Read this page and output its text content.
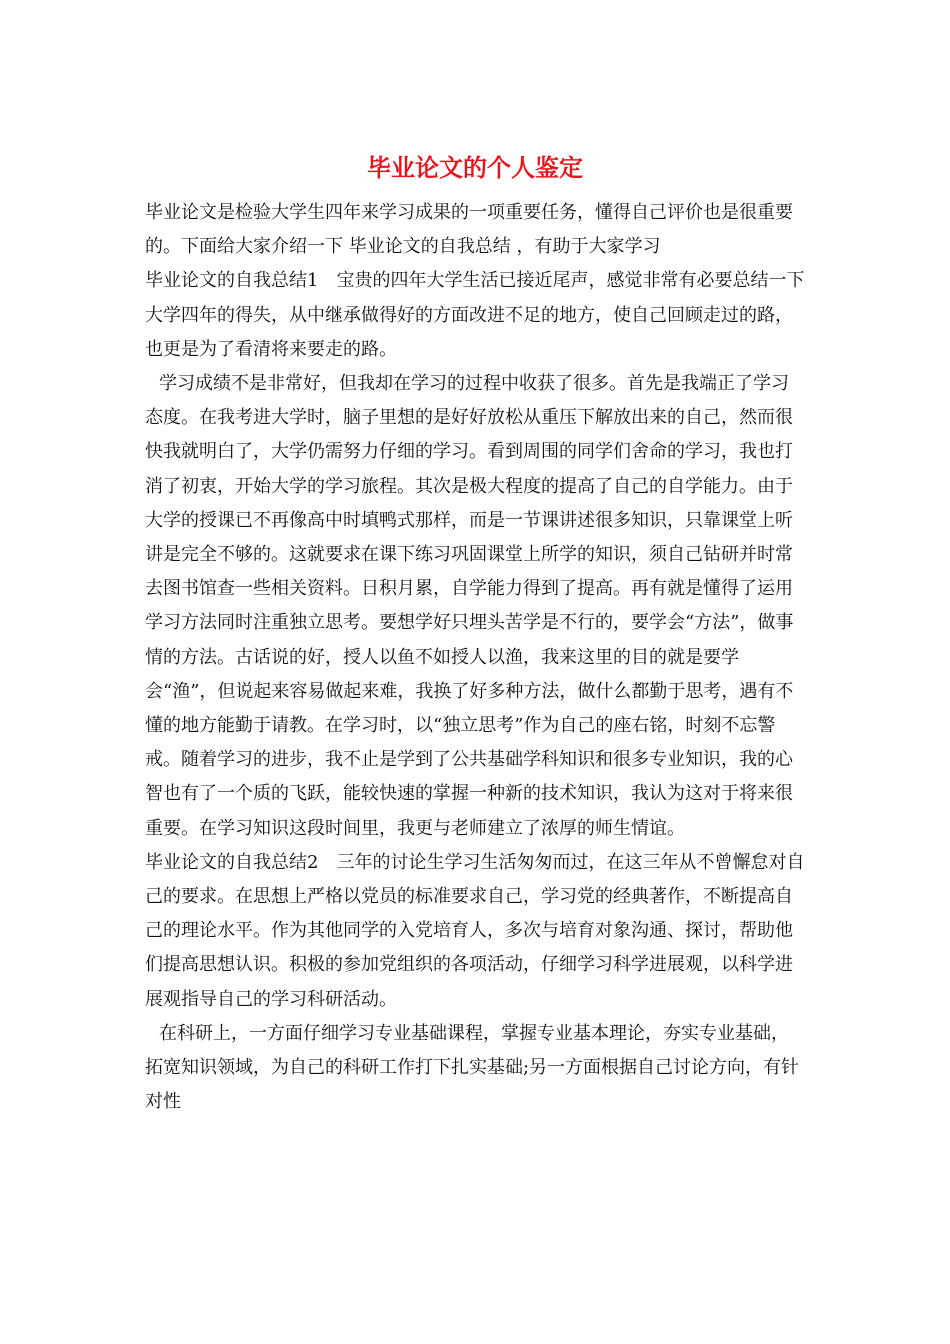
毕业论文的个人鉴定

毕业论文是检验大学生四年来学习成果的一项重要任务，懂得自己评价也是很重要的。下面给大家介绍一下 毕业论文的自我总结 ，有助于大家学习

毕业论文的自我总结1　宝贵的四年大学生活已接近尾声，感觉非常有必要总结一下大学四年的得失，从中继承做得好的方面改进不足的地方，使自己回顾走过的路，也更是为了看清将来要走的路。

学习成绩不是非常好，但我却在学习的过程中收获了很多。首先是我端正了学习态度。在我考进大学时，脑子里想的是好好放松从重压下解放出来的自己，然而很快我就明白了，大学仍需努力仔细的学习。看到周围的同学们舍命的学习，我也打消了初衷，开始大学的学习旅程。其次是极大程度的提高了自己的自学能力。由于大学的授课已不再像高中时填鸭式那样，而是一节课讲述很多知识，只靠课堂上听讲是完全不够的。这就要求在课下练习巩固课堂上所学的知识，须自己钻研并时常去图书馆查一些相关资料。日积月累，自学能力得到了提高。再有就是懂得了运用学习方法同时注重独立思考。要想学好只埋头苦学是不行的，要学会“方法”，做事情的方法。古话说的好，授人以鱼不如授人以渔，我来这里的目的就是要学会“渔”，但说起来容易做起来难，我换了好多种方法，做什么都勤于思考，遇有不懂的地方能勤于请教。在学习时，以“独立思考”作为自己的座右铭，时刻不忘警戒。随着学习的进步，我不止是学到了公共基础学科知识和很多专业知识，我的心智也有了一个质的飞跃，能较快速的掌握一种新的技术知识，我认为这对于将来很重要。在学习知识这段时间里，我更与老师建立了浓厚的师生情谊。

毕业论文的自我总结2　三年的讨论生学习生活匆匆而过，在这三年从不曾懈怠对自己的要求。在思想上严格以党员的标准要求自己，学习党的经典著作，不断提高自己的理论水平。作为其他同学的入党培育人，多次与培育对象沟通、探讨，帮助他们提高思想认识。积极的参加党组织的各项活动，仔细学习科学进展观，以科学进展观指导自己的学习科研活动。

在科研上，一方面仔细学习专业基础课程，掌握专业基本理论，夯实专业基础，拓宽知识领域，为自己的科研工作打下扎实基础;另一方面根据自己讨论方向，有针对性
